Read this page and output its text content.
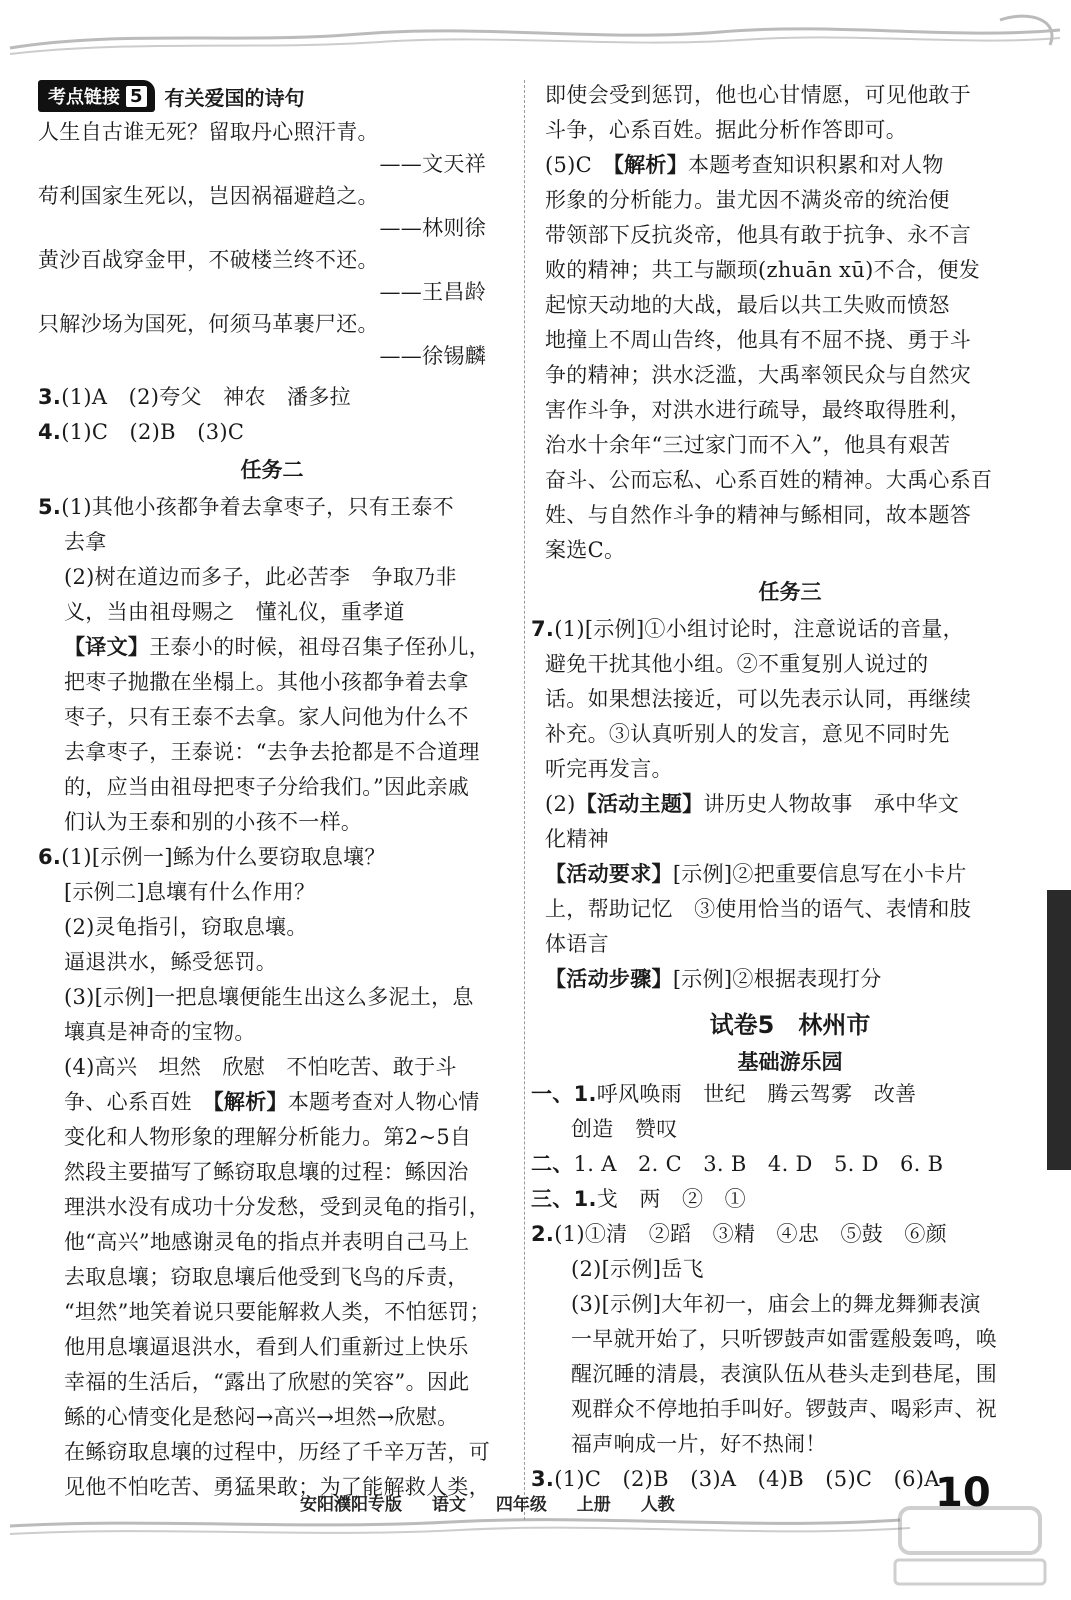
考点链接 5 有关爱国的诗句

人生自古谁无死？留取丹心照汗青。

——文天祥

苟利国家生死以，岂因祸福避趋之。

——林则徐

黄沙百战穿金甲，不破楼兰终不还。

——王昌龄

只解沙场为国死，何须马革裹尸还。

——徐锡麟

3.(1)A　(2)夸父　神农　潘多拉

4.(1)C　(2)B　(3)C

任务二

5.(1)其他小孩都争着去拿枣子，只有王泰不

去拿

(2)树在道边而多子，此必苦李　争取乃非

义，当由祖母赐之　懂礼仪，重孝道

【译文】王泰小的时候，祖母召集子侄孙儿，

把枣子抛撒在坐榻上。其他小孩都争着去拿

枣子，只有王泰不去拿。家人问他为什么不

去拿枣子，王泰说：“去争去抢都是不合道理

的，应当由祖母把枣子分给我们。”因此亲戚

们认为王泰和别的小孩不一样。

6.(1)[示例一]鲧为什么要窃取息壤？

[示例二]息壤有什么作用？

(2)灵龟指引，窃取息壤。

逼退洪水，鲧受惩罚。

(3)[示例]一把息壤便能生出这么多泥土，息

壤真是神奇的宝物。

(4)高兴　坦然　欣慰　不怕吃苦、敢于斗

争、心系百姓　【解析】本题考查对人物心情

变化和人物形象的理解分析能力。第2~5自

然段主要描写了鲧窃取息壤的过程：鲧因治

理洪水没有成功十分发愁，受到灵龟的指引，

他“高兴”地感谢灵龟的指点并表明自己马上

去取息壤；窃取息壤后他受到飞鸟的斥责，

“坦然”地笑着说只要能解救人类，不怕惩罚；

他用息壤逼退洪水，看到人们重新过上快乐

幸福的生活后，“露出了欣慰的笑容”。因此

鲧的心情变化是愁闷→高兴→坦然→欣慰。

在鲧窃取息壤的过程中，历经了千辛万苦，可

见他不怕吃苦、勇猛果敢；为了能解救人类，

即使会受到惩罚，他也心甘情愿，可见他敢于

斗争，心系百姓。据此分析作答即可。

(5)C　【解析】本题考查知识积累和对人物

形象的分析能力。蚩尤因不满炎帝的统治便

带领部下反抗炎帝，他具有敢于抗争、永不言

败的精神；共工与颛顼(zhuān xū)不合，便发

起惊天动地的大战，最后以共工失败而愤怒

地撞上不周山告终，他具有不屈不挠、勇于斗

争的精神；洪水泛滥，大禹率领民众与自然灾

害作斗争，对洪水进行疏导，最终取得胜利，

治水十余年“三过家门而不入”，他具有艰苦

奋斗、公而忘私、心系百姓的精神。大禹心系百

姓、与自然作斗争的精神与鲧相同，故本题答

案选C。

任务三

7.(1)[示例]①小组讨论时，注意说话的音量，

避免干扰其他小组。②不重复别人说过的

话。如果想法接近，可以先表示认同，再继续

补充。③认真听别人的发言，意见不同时先

听完再发言。

(2)【活动主题】讲历史人物故事　承中华文

化精神

【活动要求】[示例]②把重要信息写在小卡片

上，帮助记忆　③使用恰当的语气、表情和肢

体语言

【活动步骤】[示例]②根据表现打分

试卷5　林州市
基础游乐园

一、1.呼风唤雨　世纪　腾云驾雾　改善

创造　赞叹

二、1. A　2. C　3. B　4. D　5. D　6. B

三、1.戈　两　②　①

2.(1)①清　②蹈　③精　④忠　⑤鼓　⑥颜

(2)[示例]岳飞

(3)[示例]大年初一，庙会上的舞龙舞狮表演

一早就开始了，只听锣鼓声如雷霆般轰鸣，唤

醒沉睡的清晨，表演队伍从巷头走到巷尾，围

观群众不停地拍手叫好。锣鼓声、喝彩声、祝

福声响成一片，好不热闹！

3.(1)C　(2)B　(3)A　(4)B　(5)C　(6)A

安阳濮阳专版 语文 四年级 上册 人教	10
